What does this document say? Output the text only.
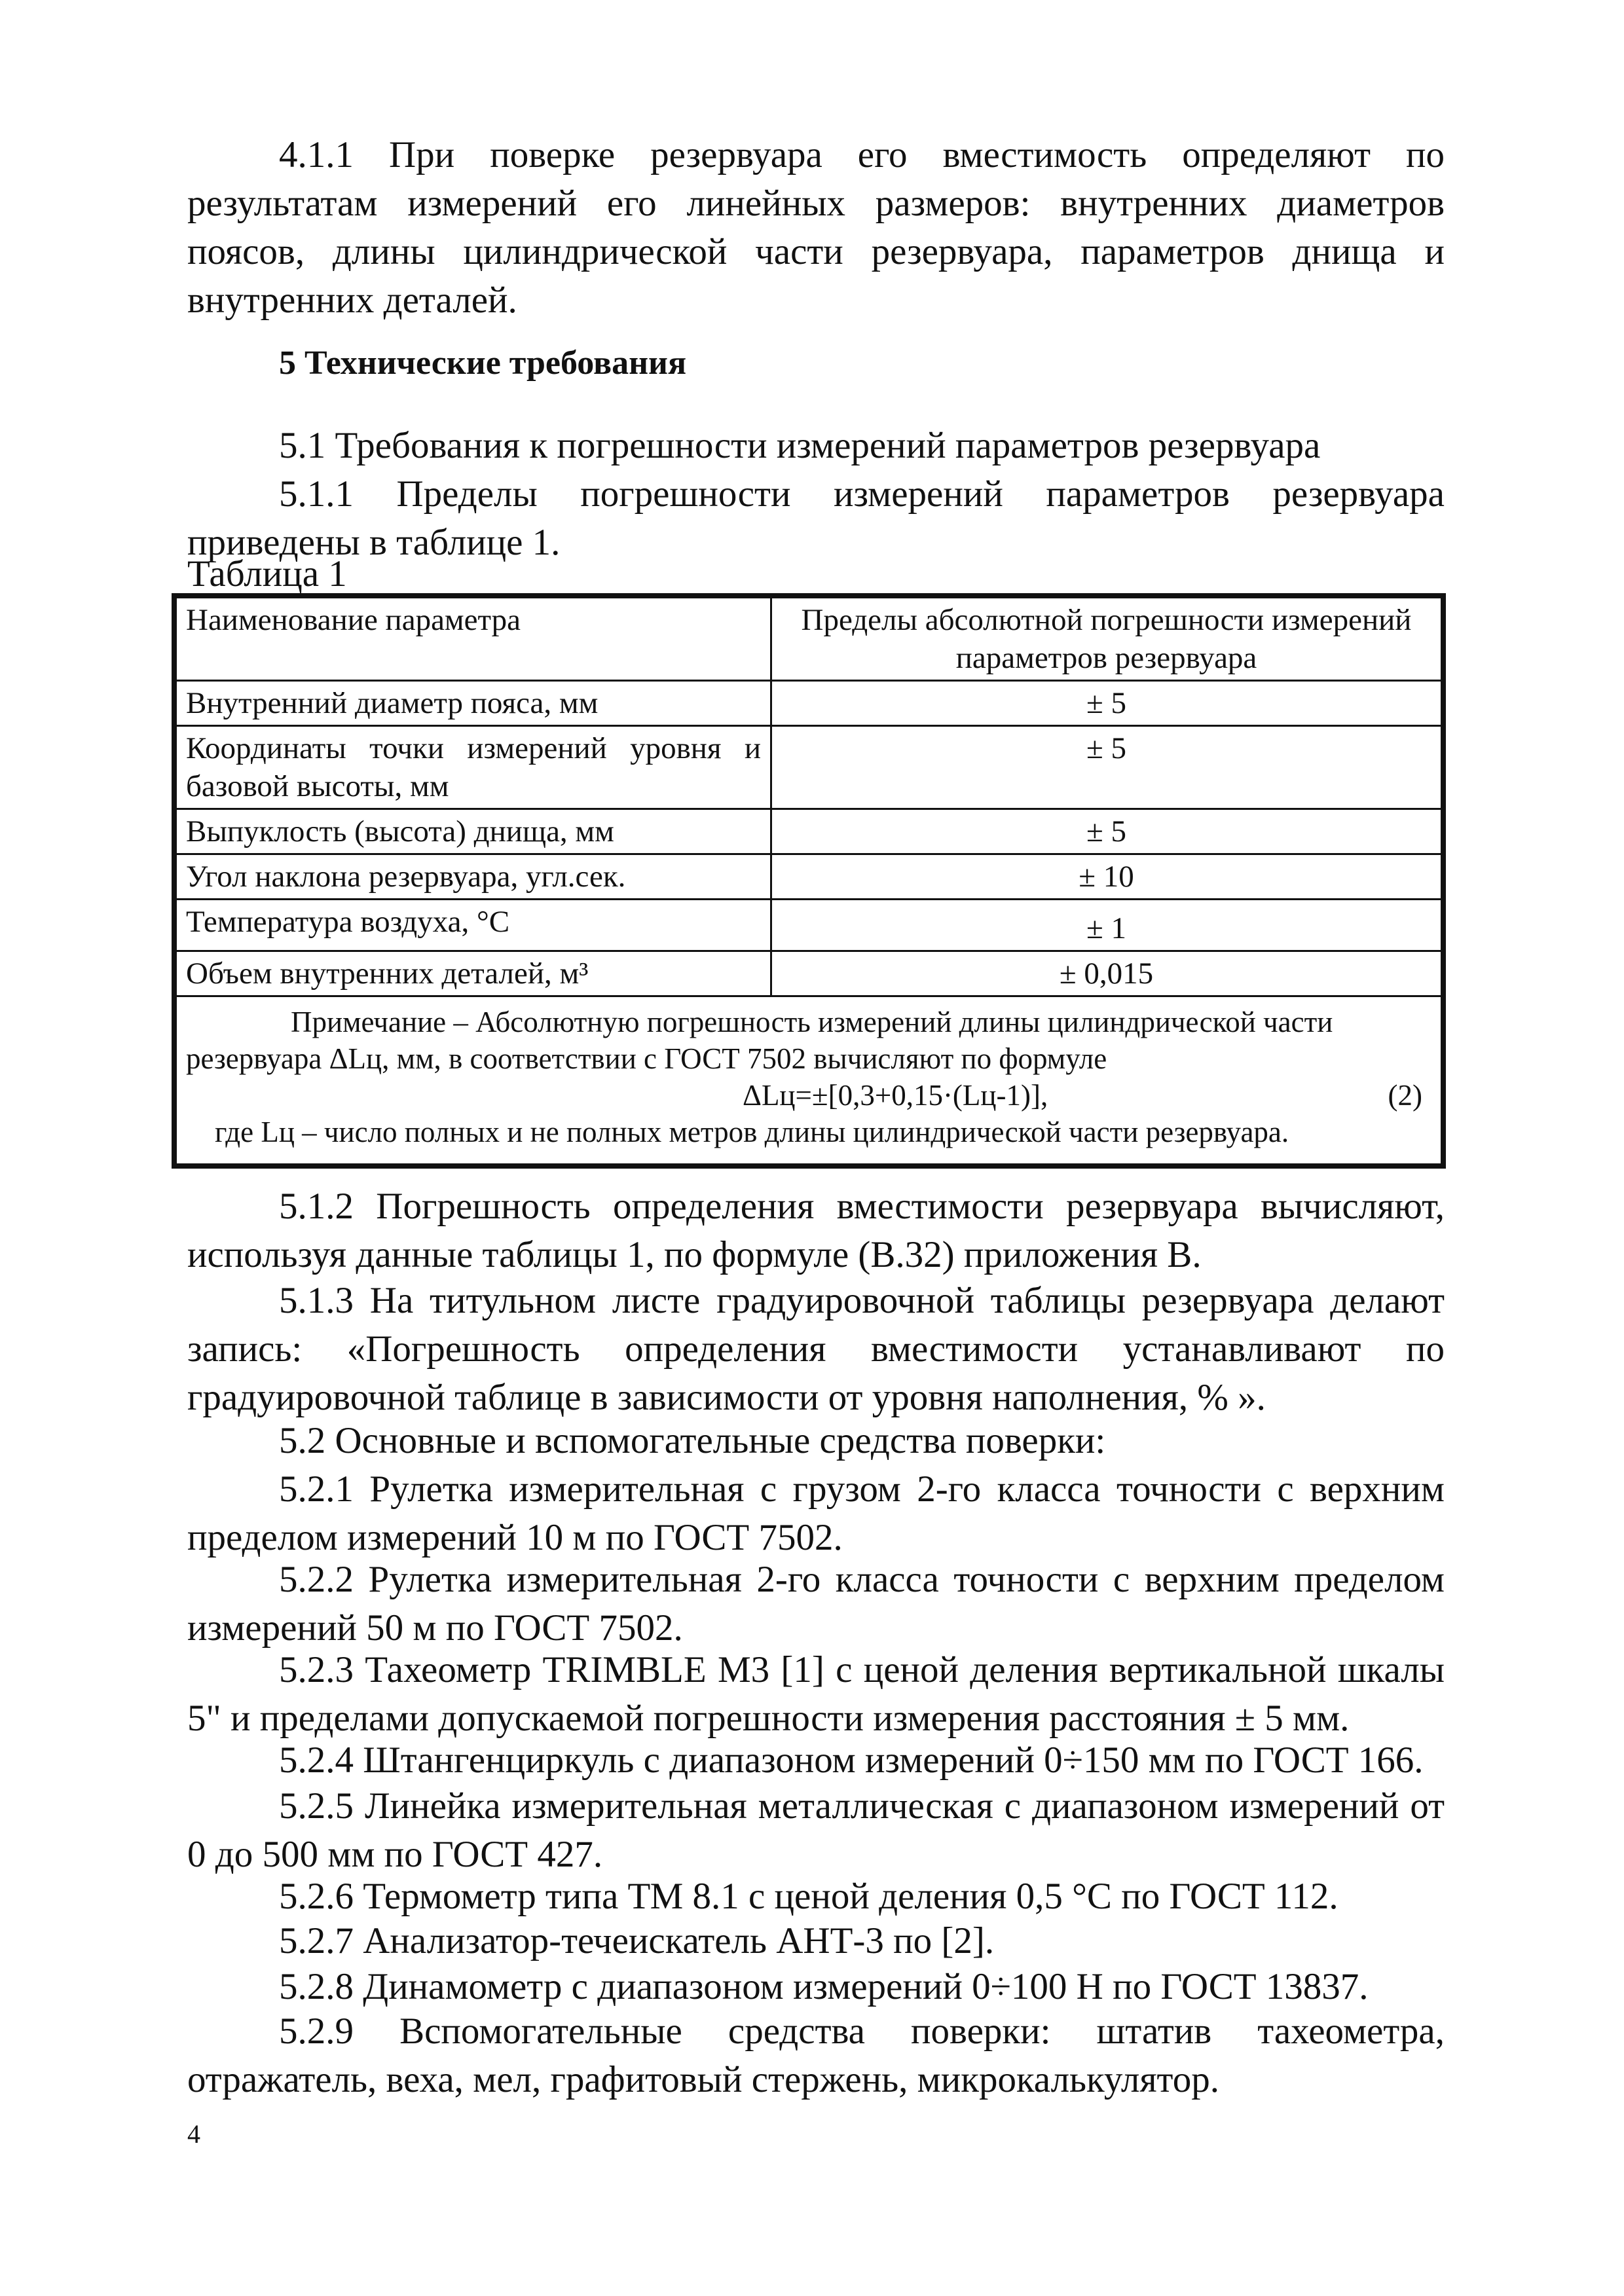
4.1.1 При поверке резервуара его вместимость определяют по результатам измерений его линейных размеров: внутренних диаметров поясов, длины цилиндрической части резервуара, параметров днища и внутренних деталей.

5 Технические требования

5.1 Требования к погрешности измерений параметров резервуара

5.1.1 Пределы погрешности измерений параметров резервуара приведены в таблице 1.

Таблица 1

Наименование параметра	Пределы абсолютной погрешности измерений параметров резервуара
Внутренний диаметр пояса, мм	± 5
Координаты точки измерений уровня и базовой высоты, мм	± 5
Выпуклость (высота) днища, мм	± 5
Угол наклона резервуара, угл.сек.	± 10
Температура воздуха, °С	± 1
Объем внутренних деталей, м³	± 0,015

Примечание – Абсолютную погрешность измерений длины цилиндрической части резервуара ΔLц, мм, в соответствии с ГОСТ 7502 вычисляют по формуле
ΔLц=±[0,3+0,15·(Lц-1)], (2)
где Lц – число полных и не полных метров длины цилиндрической части резервуара.	

5.1.2 Погрешность определения вместимости резервуара вычисляют, используя данные таблицы 1, по формуле (В.32) приложения В.

5.1.3 На титульном листе градуировочной таблицы резервуара делают запись: «Погрешность определения вместимости устанавливают по градуировочной таблице в зависимости от уровня наполнения, % ».

5.2 Основные и вспомогательные средства поверки:

5.2.1 Рулетка измерительная с грузом 2-го класса точности с верхним пределом измерений 10 м по ГОСТ 7502.

5.2.2 Рулетка измерительная 2-го класса точности с верхним пределом измерений 50 м по ГОСТ 7502.

5.2.3 Тахеометр TRIMBLE M3 [1] с ценой деления вертикальной шкалы 5" и пределами допускаемой погрешности измерения расстояния ± 5 мм.

5.2.4 Штангенциркуль с диапазоном измерений 0÷150 мм по ГОСТ 166.

5.2.5 Линейка измерительная металлическая с диапазоном измерений от 0 до 500 мм по ГОСТ 427.

5.2.6 Термометр типа ТМ 8.1 с ценой деления 0,5 °С по ГОСТ 112.

5.2.7 Анализатор-течеискатель АНТ-3 по [2].

5.2.8 Динамометр с диапазоном измерений 0÷100 Н по ГОСТ 13837.

5.2.9 Вспомогательные средства поверки: штатив тахеометра, отражатель, веха, мел, графитовый стержень, микрокалькулятор.

4
